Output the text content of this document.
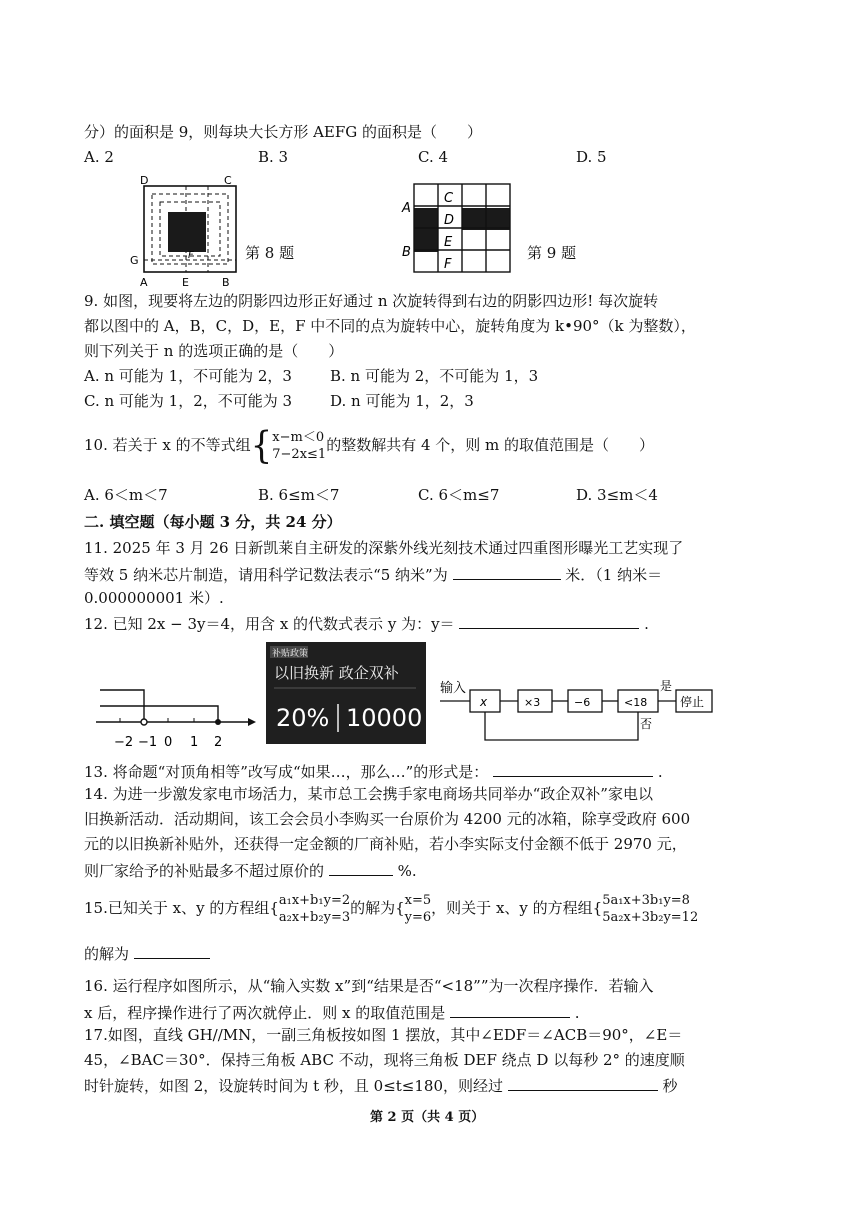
分）的面积是 9，则每块大长方形 AEFG 的面积是（　　）
A. 2	B. 3	C. 4	D. 5
D	C
G	F
A	E	B
第 8 题
A
B
C
D
E
F
第 9 题
9. 如图，现要将左边的阴影四边形正好通过 n 次旋转得到右边的阴影四边形! 每次旋转
都以图中的 A，B，C，D，E，F 中不同的点为旋转中心，旋转角度为 k•90°（k 为整数），
则下列关于 n 的选项正确的是（　　）
A. n 可能为 1，不可能为 2，3	B. n 可能为 2，不可能为 1，3
C. n 可能为 1，2，不可能为 3	D. n 可能为 1，2，3
10. 若关于 x 的不等式组{x−m＜0
7−2x≤1的整数解共有 4 个，则 m 的取值范围是（　　）
A. 6＜m＜7	B. 6≤m＜7	C. 6＜m≤7	D. 3≤m＜4
二. 填空题（每小题 3 分，共 24 分）
11. 2025 年 3 月 26 日新凯莱自主研发的深紫外线光刻技术通过四重图形曝光工艺实现了
等效 5 纳米芯片制造，请用科学记数法表示“5 纳米”为	米．（1 纳米＝
0.000000001 米）.
12. 已知 2x − 3y＝4，用含 x 的代数式表示 y 为：y＝	.
−2 −1 0 1 2
补贴政策
以旧换新 政企双补
20% 10000
输入
x	×3	−6	<18	停止
是
否
13. 将命题“对顶角相等”改写成“如果…，那么…”的形式是：	.
14. 为进一步激发家电市场活力，某市总工会携手家电商场共同举办“政企双补”家电以
旧换新活动．活动期间，该工会会员小李购买一台原价为 4200 元的冰箱，除享受政府 600
元的以旧换新补贴外，还获得一定金额的厂商补贴，若小李实际支付金额不低于 2970 元，
则厂家给予的补贴最多不超过原价的	%.
15.已知关于 x、y 的方程组{a₁x+b₁y=2
a₂x+b₂y=3的解为{x=5
y=6，则关于 x、y 的方程组{5a₁x+3b₁y=8
5a₂x+3b₂y=12
的解为
16. 运行程序如图所示，从“输入实数 x”到“结果是否“<18””为一次程序操作．若输入
x 后，程序操作进行了两次就停止．则 x 的取值范围是	.
17.如图，直线 GH//MN，一副三角板按如图 1 摆放，其中∠EDF＝∠ACB＝90°，∠E＝
45，∠BAC＝30°．保持三角板 ABC 不动，现将三角板 DEF 绕点 D 以每秒 2° 的速度顺
时针旋转，如图 2，设旋转时间为 t 秒，且 0≤t≤180，则经过	秒
第 2 页（共 4 页）
